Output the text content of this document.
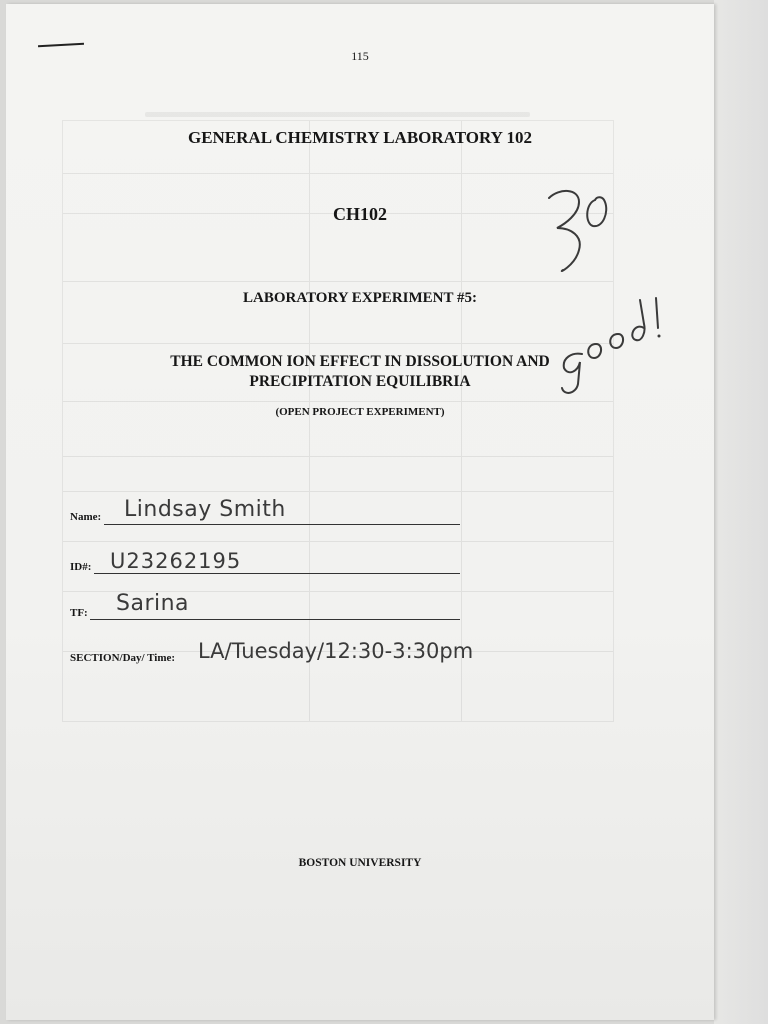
115
GENERAL CHEMISTRY LABORATORY 102
CH102
LABORATORY EXPERIMENT #5:
THE COMMON ION EFFECT IN DISSOLUTION AND
PRECIPITATION EQUILIBRIA
(OPEN PROJECT EXPERIMENT)
Name: Lindsay Smith
ID#: U23262195
TF: Sarina
SECTION/Day/ Time: LA/Tuesday/12:30-3:30pm
BOSTON UNIVERSITY
